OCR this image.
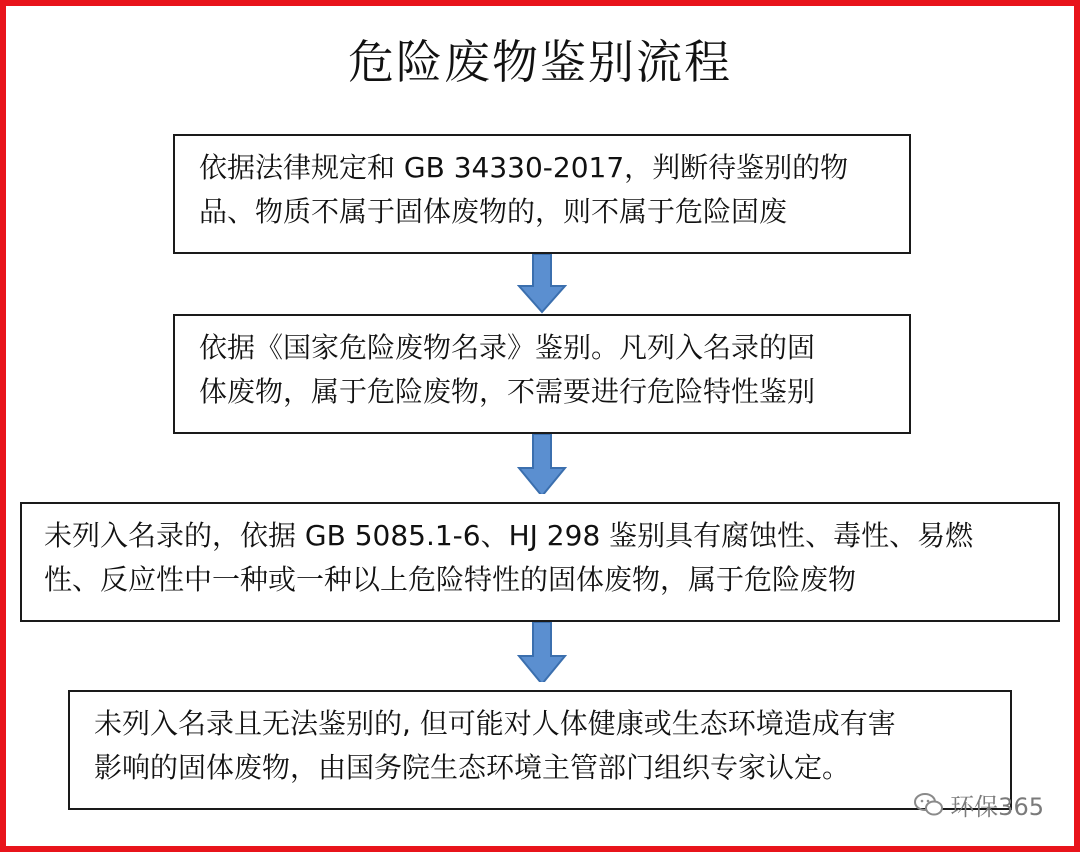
危险废物鉴别流程
依据法律规定和 GB 34330-2017，判断待鉴别的物
品、物质不属于固体废物的，则不属于危险固废
依据《国家危险废物名录》鉴别。凡列入名录的固
体废物，属于危险废物，不需要进行危险特性鉴别
未列入名录的，依据 GB 5085.1-6、HJ 298 鉴别具有腐蚀性、毒性、易燃
性、反应性中一种或一种以上危险特性的固体废物，属于危险废物
未列入名录且无法鉴别的, 但可能对人体健康或生态环境造成有害
影响的固体废物，由国务院生态环境主管部门组织专家认定。
环保365
